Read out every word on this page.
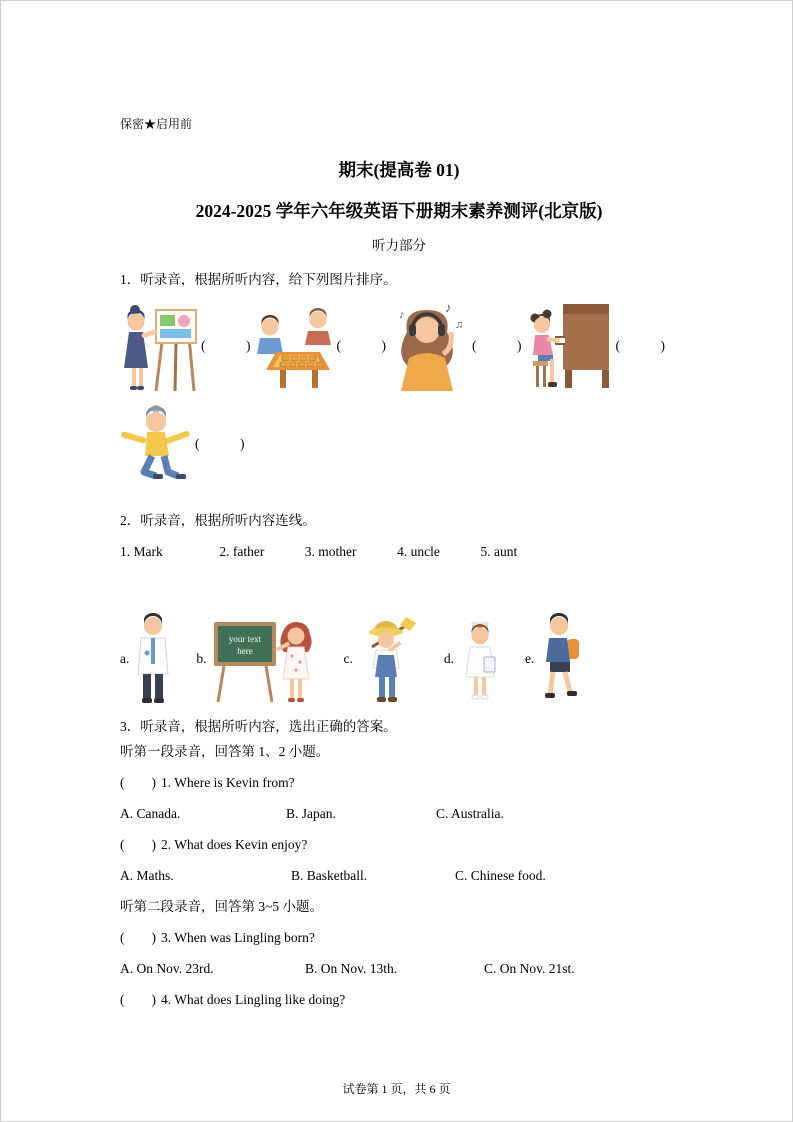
保密★启用前
期末(提高卷 01)
2024-2025 学年六年级英语下册期末素养测评(北京版)
听力部分
1．听录音，根据所听内容，给下列图片排序。
(            )	(            )
♪
♫
♪
(            )	(            )
(            )
2．听录音，根据所听内容连线。
1. Mark	2. father	3. mother	4. uncle	5. aunt
a.	b.
your text
here	c.	d.	e.
3．听录音，根据所听内容，选出正确的答案。
听第一段录音，回答第 1、2 小题。
(        ) 1. Where is Kevin from?
A. Canada.	B. Japan.	C. Australia.
(        ) 2. What does Kevin enjoy?
A. Maths.	B. Basketball.	C. Chinese food.
听第二段录音，回答第 3~5 小题。
(        ) 3. When was Lingling born?
A. On Nov. 23rd.	B. On Nov. 13th.	C. On Nov. 21st.
(        ) 4. What does Lingling like doing?
试卷第 1 页，共 6 页
